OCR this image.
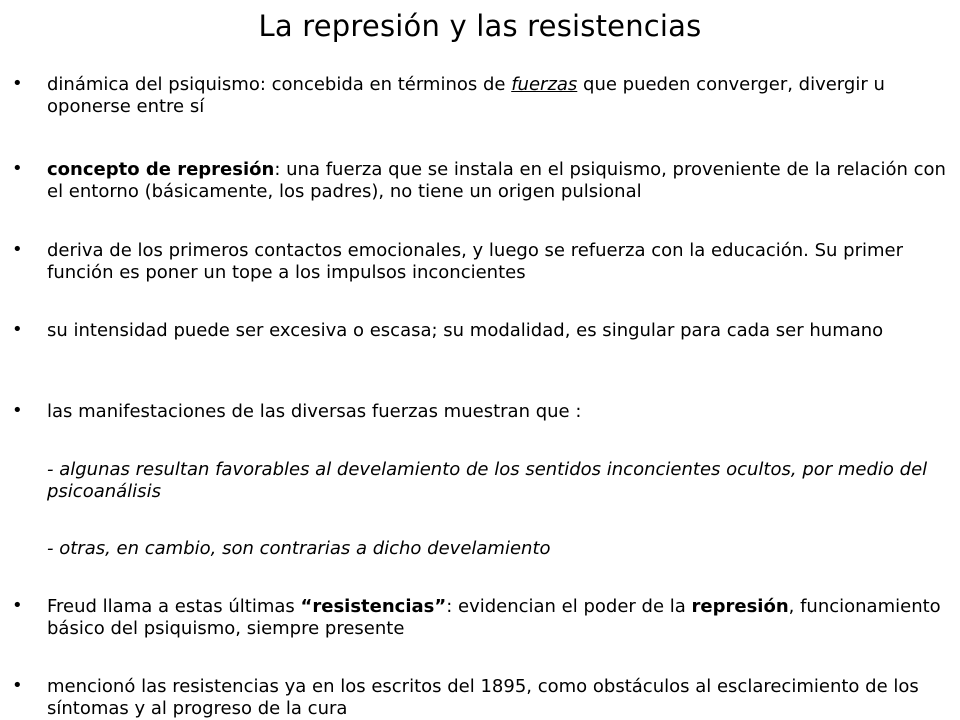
La represión y las resistencias
• dinámica del psiquismo: concebida en términos de fuerzas que pueden converger, divergir u oponerse entre sí
• concepto de represión: una fuerza que se instala en el psiquismo, proveniente de la relación con el entorno (básicamente, los padres), no tiene un origen pulsional
• deriva de los primeros contactos emocionales, y luego se refuerza con la educación. Su primer función es poner un tope a los impulsos inconcientes
• su intensidad puede ser excesiva o escasa; su modalidad, es singular para cada ser humano
• las manifestaciones de las diversas fuerzas muestran que :
- algunas resultan favorables al develamiento de los sentidos inconcientes ocultos, por medio del psicoanálisis
- otras, en cambio, son contrarias a dicho develamiento
• Freud llama a estas últimas “resistencias”: evidencian el poder de la represión, funcionamiento básico del psiquismo, siempre presente
• mencionó las resistencias ya en los escritos del 1895, como obstáculos al esclarecimiento de los síntomas y al progreso de la cura
